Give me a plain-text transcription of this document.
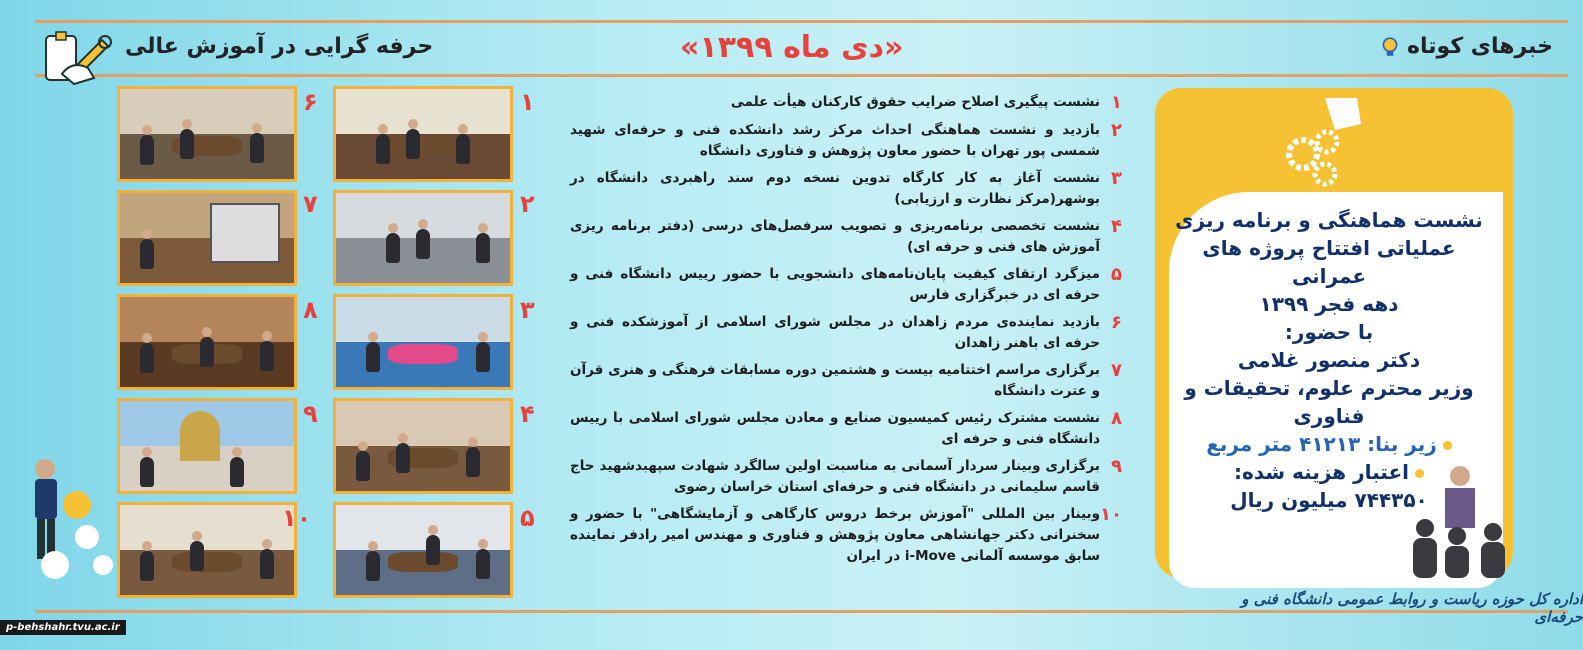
خبرهای کوتاه
«دی ماه ۱۳۹۹»
حرفه گرایی در آموزش عالی
۱
۲
۳
۴
۵
۶
۷
۸
۹
۱۰
۱
نشست پیگیری اصلاح ضرایب حقوق کارکنان هیأت علمی
۲
بازدید و نشست هماهنگی احداث مرکز رشد دانشکده فنی و حرفه‌ای شهید شمسی پور تهران با حضور معاون پژوهش و فناوری دانشگاه
۳
نشست آغاز به کار کارگاه تدوین نسخه دوم سند راهبردی دانشگاه در بوشهر(مرکز نظارت و ارزیابی)
۴
نشست تخصصی برنامه‌ریزی و تصویب سرفصل‌های درسی (دفتر برنامه ریزی آموزش های فنی و حرفه ای)
۵
میزگرد ارتقای کیفیت پایان‌نامه‌های دانشجویی با حضور رییس دانشگاه فنی و حرفه ای در خبرگزاری فارس
۶
بازدید نماینده‌ی مردم زاهدان در مجلس شورای اسلامی از آموزشکده فنی و حرفه ای باهنر زاهدان
۷
برگزاری مراسم اختتامیه بیست و هشتمین دوره مسابقات فرهنگی و هنری قرآن و عترت دانشگاه
۸
نشست مشترک رئیس کمیسیون صنایع و معادن مجلس شورای اسلامی با رییس دانشگاه فنی و حرفه ای
۹
برگزاری وبینار سردار آسمانی به مناسبت اولین سالگرد شهادت سپهبدشهید حاج قاسم سلیمانی در دانشگاه فنی و حرفه‌ای استان خراسان رضوی
۱۰
وبینار بین المللی "آموزش برخط دروس کارگاهی و آزمایشگاهی" با حضور و سخنرانی دکتر جهانشاهی معاون پژوهش و فناوری و مهندس امیر رادفر نماینده سابق موسسه آلمانی i-Move در ایران
نشست هماهنگی و برنامه ریزی
عملیاتی افتتاح پروژه های عمرانی
دهه فجر ۱۳۹۹
با حضور:
دکتر منصور غلامی
وزیر محترم علوم، تحقیقات و فناوری
زیر بنا: ۴۱۲۱۳ متر مربع
اعتبار هزینه شده:
۷۴۴۳۵۰ میلیون ریال
اداره کل حوزه ریاست و روابط عمومی دانشگاه فنی و حرفه‌ای
p-behshahr.tvu.ac.ir
